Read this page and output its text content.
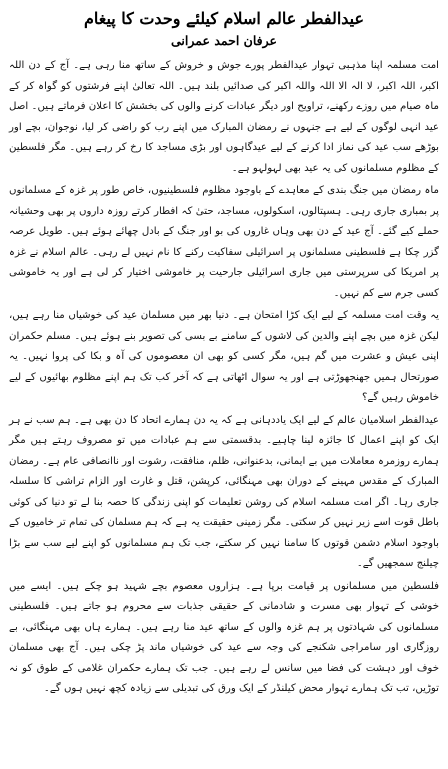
عیدالفطر عالم اسلام کیلئے وحدت کا پیغام
عرفان احمد عمرانی

امت مسلمہ اپنا مذہبی تہوار عیدالفطر پورے جوش و خروش کے ساتھ منا رہی ہے۔ آج کے دن اللہ اکبر، اللہ اکبر، لا الہ الا اللہ واللہ اکبر کی صدائیں بلند ہیں۔ اللہ تعالیٰ اپنے فرشتوں کو گواہ کر کے ماہ صیام میں روزے رکھنے، تراویح اور دیگر عبادات کرنے والوں کی بخشش کا اعلان فرماتے ہیں۔ اصل عید انہی لوگوں کے لیے ہے جنہوں نے رمضان المبارک میں اپنے رب کو راضی کر لیا، نوجوان، بچے اور بوڑھے سب عید کی نماز ادا کرنے کے لیے عیدگاہوں اور بڑی مساجد کا رخ کر رہے ہیں۔ مگر فلسطین کے مظلوم مسلمانوں کی یہ عید بھی لہولہو ہے۔

ماہ رمضان میں جنگ بندی کے معاہدے کے باوجود مظلوم فلسطینیوں، خاص طور پر غزہ کے مسلمانوں پر بمباری جاری رہی۔ ہسپتالوں، اسکولوں، مساجد، حتیٰ کہ افطار کرتے روزہ داروں پر بھی وحشیانہ حملے کیے گئے۔ آج عید کے دن بھی وہاں غاروں کی بو اور جنگ کے بادل چھائے ہوئے ہیں۔ طویل عرصہ گزر چکا ہے فلسطینی مسلمانوں پر اسرائیلی سفاکیت رکنے کا نام نہیں لے رہی۔ عالم اسلام نے غزہ پر امریکا کی سرپرستی میں جاری اسرائیلی جارحیت پر خاموشی اختیار کر لی ہے اور یہ خاموشی کسی جرم سے کم نہیں۔

یہ وقت امت مسلمہ کے لیے ایک کڑا امتحان ہے۔ دنیا بھر میں مسلمان عید کی خوشیاں منا رہے ہیں، لیکن غزہ میں بچے اپنے والدین کی لاشوں کے سامنے بے بسی کی تصویر بنے ہوئے ہیں۔ مسلم حکمران اپنی عیش و عشرت میں گم ہیں، مگر کسی کو بھی ان معصوموں کی آہ و بکا کی پروا نہیں۔ یہ صورتحال ہمیں جھنجھوڑتی ہے اور یہ سوال اٹھاتی ہے کہ آخر کب تک ہم اپنے مظلوم بھائیوں کے لیے خاموش رہیں گے؟

عیدالفطر اسلامیان عالم کے لیے ایک یاددہانی ہے کہ یہ دن ہمارے اتحاد کا دن بھی ہے۔ ہم سب نے ہر ایک کو اپنے اعمال کا جائزہ لینا چاہیے۔ بدقسمتی سے ہم عبادات میں تو مصروف رہتے ہیں مگر ہمارے روزمرہ معاملات میں بے ایمانی، بدعنوانی، ظلم، منافقت، رشوت اور ناانصافی عام ہے۔ رمضان المبارک کے مقدس مہینے کے دوران بھی مہنگائی، کرپشن، قتل و غارت اور الزام تراشی کا سلسلہ جاری رہا۔ اگر امت مسلمہ اسلام کی روشن تعلیمات کو اپنی زندگی کا حصہ بنا لے تو دنیا کی کوئی باطل قوت اسے زیر نہیں کر سکتی۔ مگر زمینی حقیقت یہ ہے کہ ہم مسلمان کی تمام تر خامیوں کے باوجود اسلام دشمن قوتوں کا سامنا نہیں کر سکتے، جب تک ہم مسلمانوں کو اپنے لیے سب سے بڑا چیلنج سمجھیں گے۔

فلسطین میں مسلمانوں پر قیامت برپا ہے۔ ہزاروں معصوم بچے شہید ہو چکے ہیں۔ ایسے میں خوشی کے تہوار بھی مسرت و شادمانی کے حقیقی جذبات سے محروم ہو جاتے ہیں۔ فلسطینی مسلمانوں کی شہادتوں پر ہم غزہ والوں کے ساتھ عید منا رہے ہیں۔ ہمارے ہاں بھی مہنگائی، بے روزگاری اور سامراجی شکنجے کی وجہ سے عید کی خوشیاں ماند پڑ چکی ہیں۔ آج بھی مسلمان خوف اور دہشت کی فضا میں سانس لے رہے ہیں۔ جب تک ہمارے حکمران غلامی کے طوق کو نہ توڑیں، تب تک ہمارے تہوار محض کیلنڈر کے ایک ورق کی تبدیلی سے زیادہ کچھ نہیں ہوں گے۔
